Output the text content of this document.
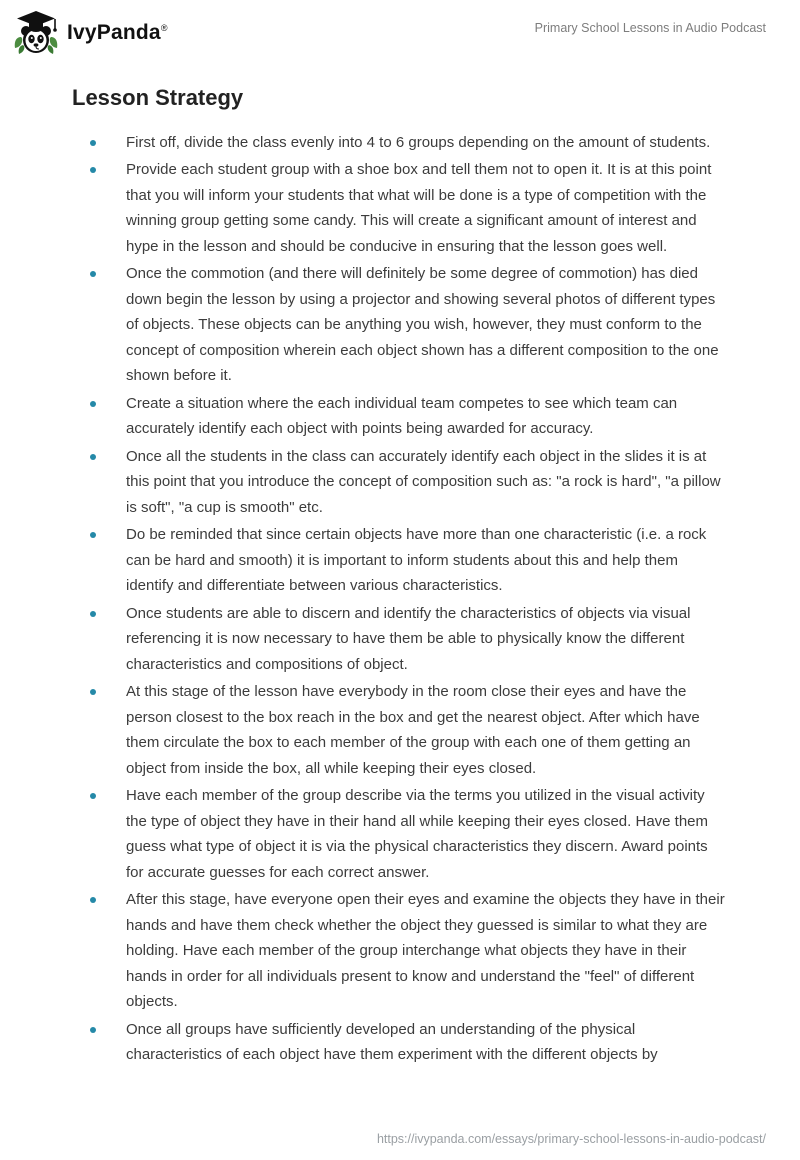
IvyPanda®	Primary School Lessons in Audio Podcast
Lesson Strategy
First off, divide the class evenly into 4 to 6 groups depending on the amount of students.
Provide each student group with a shoe box and tell them not to open it. It is at this point that you will inform your students that what will be done is a type of competition with the winning group getting some candy. This will create a significant amount of interest and hype in the lesson and should be conducive in ensuring that the lesson goes well.
Once the commotion (and there will definitely be some degree of commotion) has died down begin the lesson by using a projector and showing several photos of different types of objects. These objects can be anything you wish, however, they must conform to the concept of composition wherein each object shown has a different composition to the one shown before it.
Create a situation where the each individual team competes to see which team can accurately identify each object with points being awarded for accuracy.
Once all the students in the class can accurately identify each object in the slides it is at this point that you introduce the concept of composition such as: "a rock is hard", "a pillow is soft", "a cup is smooth" etc.
Do be reminded that since certain objects have more than one characteristic (i.e. a rock can be hard and smooth) it is important to inform students about this and help them identify and differentiate between various characteristics.
Once students are able to discern and identify the characteristics of objects via visual referencing it is now necessary to have them be able to physically know the different characteristics and compositions of object.
At this stage of the lesson have everybody in the room close their eyes and have the person closest to the box reach in the box and get the nearest object. After which have them circulate the box to each member of the group with each one of them getting an object from inside the box, all while keeping their eyes closed.
Have each member of the group describe via the terms you utilized in the visual activity the type of object they have in their hand all while keeping their eyes closed. Have them guess what type of object it is via the physical characteristics they discern. Award points for accurate guesses for each correct answer.
After this stage, have everyone open their eyes and examine the objects they have in their hands and have them check whether the object they guessed is similar to what they are holding. Have each member of the group interchange what objects they have in their hands in order for all individuals present to know and understand the "feel" of different objects.
Once all groups have sufficiently developed an understanding of the physical characteristics of each object have them experiment with the different objects by
https://ivypanda.com/essays/primary-school-lessons-in-audio-podcast/
